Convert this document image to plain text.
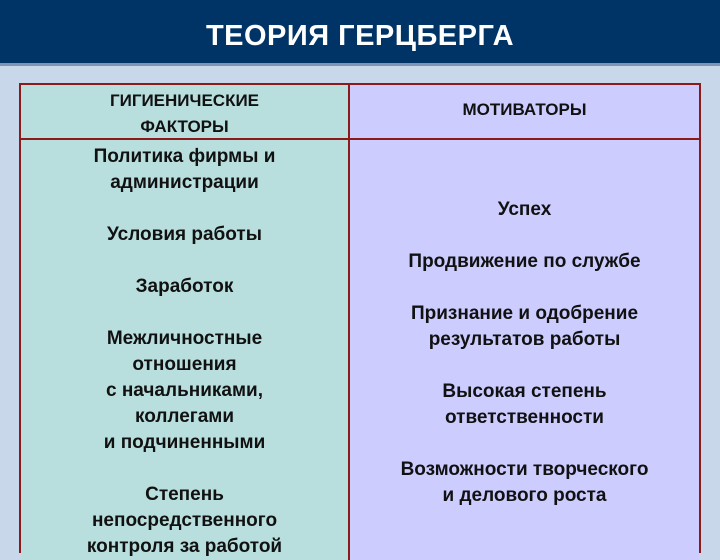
ТЕОРИЯ ГЕРЦБЕРГА
ГИГИЕНИЧЕСКИЕ
ФАКТОРЫ
МОТИВАТОРЫ
Политика фирмы и
администрации
Условия работы
Заработок
Межличностные
отношения
с начальниками,
коллегами
и подчиненными
Степень
непосредственного
контроля за работой
Успех
Продвижение по службе
Признание и одобрение
результатов работы
Высокая степень
ответственности
Возможности творческого
и делового роста
